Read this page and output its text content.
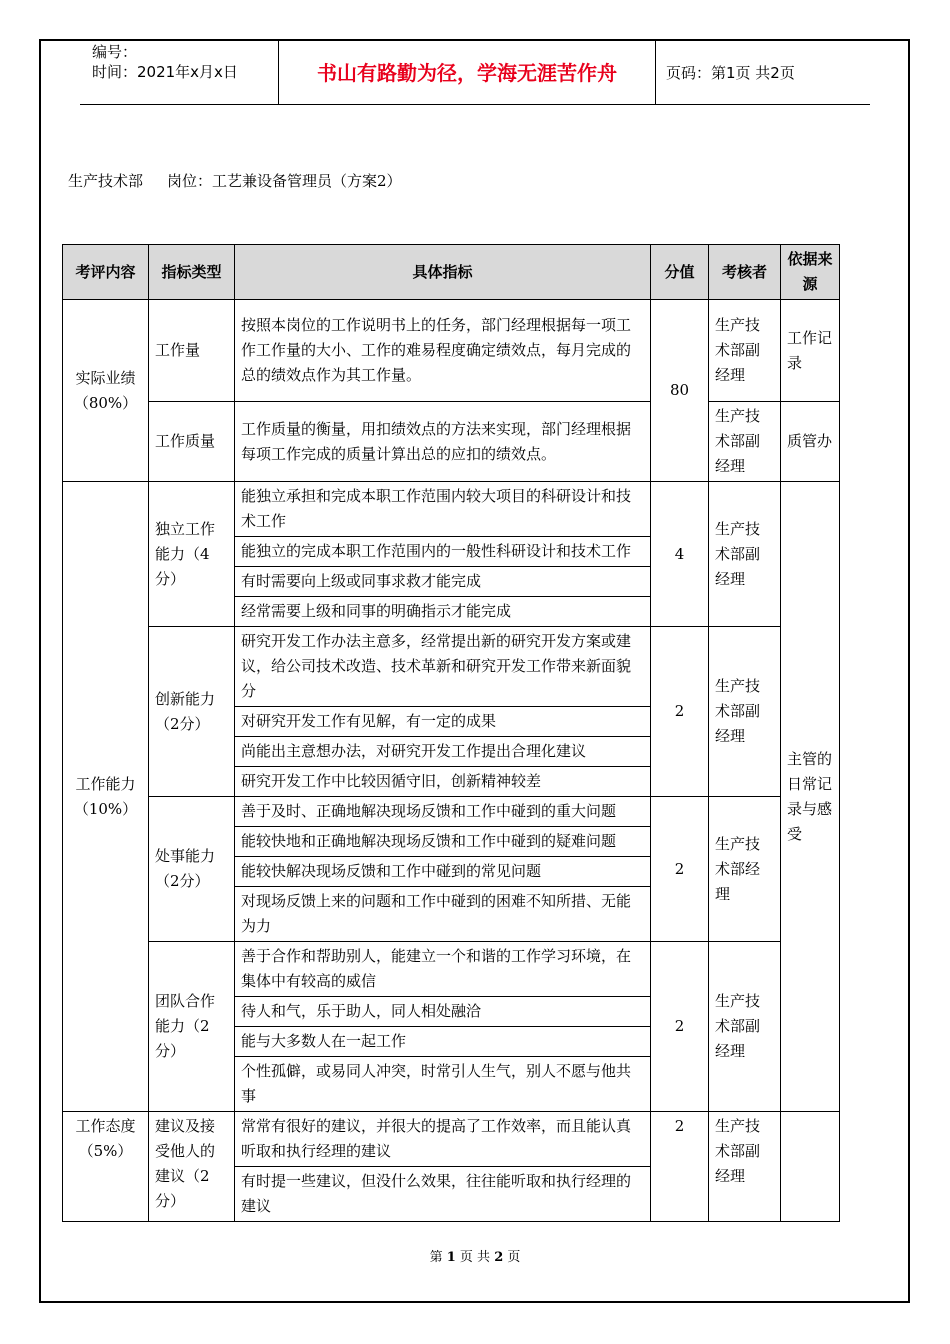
编号：
时间：2021年x月x日	书山有路勤为径，学海无涯苦作舟	页码：第1页 共2页
生产技术部 岗位：工艺兼设备管理员（方案2）
考评内容	指标类型	具体指标	分值	考核者	依据来源
实际业绩（80%）	工作量	按照本岗位的工作说明书上的任务，部门经理根据每一项工作工作量的大小、工作的难易程度确定绩效点，每月完成的总的绩效点作为其工作量。	80	生产技术部副经理	工作记录
	工作质量	工作质量的衡量，用扣绩效点的方法来实现，部门经理根据每项工作完成的质量计算出总的应扣的绩效点。		生产技术部副经理	质管办
工作能力（10%）	独立工作能力（4分）	能独立承担和完成本职工作范围内较大项目的科研设计和技术工作	4	生产技术部副经理	主管的日常记录与感受
		能独立的完成本职工作范围内的一般性科研设计和技术工作			
		有时需要向上级或同事求救才能完成			
		经常需要上级和同事的明确指示才能完成			
	创新能力（2分）	研究开发工作办法主意多，经常提出新的研究开发方案或建议，给公司技术改造、技术革新和研究开发工作带来新面貌分	2	生产技术部副经理	
		对研究开发工作有见解，有一定的成果			
		尚能出主意想办法，对研究开发工作提出合理化建议			
		研究开发工作中比较因循守旧，创新精神较差			
	处事能力（2分）	善于及时、正确地解决现场反馈和工作中碰到的重大问题	2	生产技术部经理	
		能较快地和正确地解决现场反馈和工作中碰到的疑难问题			
		能较快解决现场反馈和工作中碰到的常见问题			
		对现场反馈上来的问题和工作中碰到的困难不知所措、无能为力			
	团队合作能力（2分）	善于合作和帮助别人，能建立一个和谐的工作学习环境，在集体中有较高的威信	2	生产技术部副经理	
		待人和气，乐于助人，同人相处融洽			
		能与大多数人在一起工作			
		个性孤僻，或易同人冲突，时常引人生气，别人不愿与他共事			
工作态度（5%）	建议及接受他人的建议（2分）	常常有很好的建议，并很大的提高了工作效率，而且能认真听取和执行经理的建议	2	生产技术部副经理	
		有时提一些建议，但没什么效果，往往能听取和执行经理的建议			
第 1 页 共 2 页
